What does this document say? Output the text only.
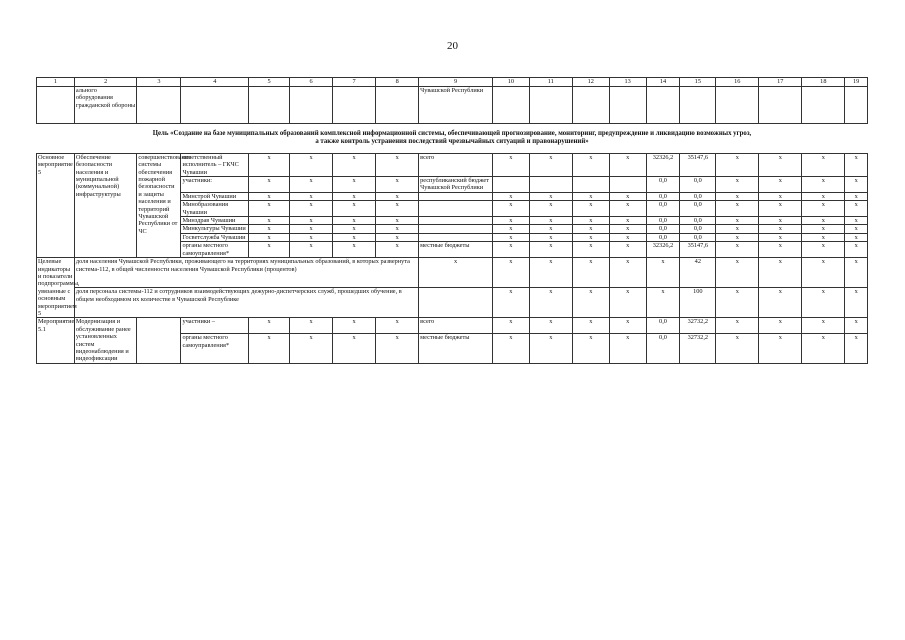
20
1	2	3	4	5	6	7	8	9	10	11	12	13	14	15	16	17	18	19
	ального оборудования гражданской обороны							Чувашской Республики										

Цель «Создание на базе муниципальных образований комплексной информационной системы, обеспечивающей прогнозирование, мониторинг, предупреждение и ликвидацию возможных угроз,
а также контроль устранения последствий чрезвычайных ситуаций и правонарушений»																		

Основное мероприятие 5	Обеспечение безопасности населения и муниципальной (коммунальной) инфраструктуры	совершенствование системы обеспечения пожарной безопасности и защиты населения и территорий Чувашской Республики от ЧС	ответственный исполнитель – ГКЧС Чувашии	x	x	x	x	всего	x	x	x	x	32326,2	35147,6	x	x	x	x
			участники:	x	x	x	x	республиканский бюджет Чувашской Республики					0,0	0,0	x	x	x	x
			Минстрой Чувашии	x	x	x	x		x	x	x	x	0,0	0,0	x	x	x	x
			Минобразования Чувашии	x	x	x	x		x	x	x	x	0,0	0,0	x	x	x	x
			Минздрав Чувашии	x	x	x	x		x	x	x	x	0,0	0,0	x	x	x	x
			Минкультуры Чувашии	x	x	x	x		x	x	x	x	0,0	0,0	x	x	x	x
			Госветслужба Чувашии	x	x	x	x		x	x	x	x	0,0	0,0	x	x	x	x
			органы местного самоуправления*	x	x	x	x	местные бюджеты	x	x	x	x	32326,2	35147,6	x	x	x	x
Целевые индикаторы и показатели подпрограммы, увязанные с основным мероприятием 5	доля населения Чувашской Республики, проживающего на территориях муниципальных образований, в которых развернута система-112, в общей численности населения Чувашской Республики (процентов)							x	x	x	x	x	x	42	x	x	x	x
	доля персонала системы-112 и сотрудников взаимодействующих дежурно-диспетчерских служб, прошедших обучение, в общем необходимом их количестве в Чувашской Республике								x	x	x	x	x	100	x	x	x	x
Мероприятие 5.1	Модернизация и обслуживание ранее установленных систем видеонаблюдения и видеофиксации		участники –	x	x	x	x	всего	x	x	x	x	0,0	32732,2	x	x	x	x
			органы местного самоуправления*	x	x	x	x	местные бюджеты	x	x	x	x	0,0	32732,2	x	x	x	x
